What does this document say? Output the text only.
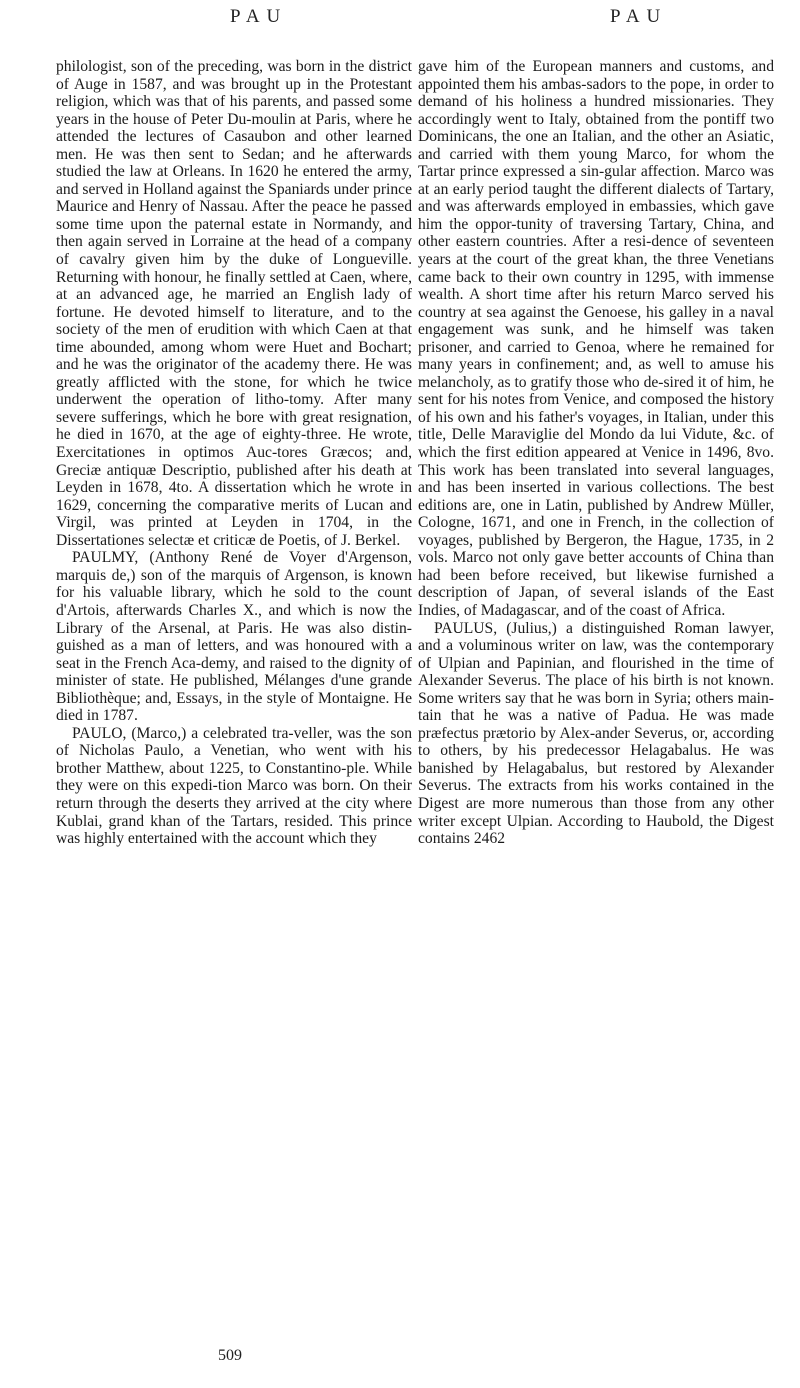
PAU	PAU

philologist, son of the preceding, was born in the district of Auge in 1587, and was brought up in the Protestant religion, which was that of his parents, and passed some years in the house of Peter Du-moulin at Paris, where he attended the lectures of Casaubon and other learned men. He was then sent to Sedan; and he afterwards studied the law at Orleans. In 1620 he entered the army, and served in Holland against the Spaniards under prince Maurice and Henry of Nassau. After the peace he passed some time upon the paternal estate in Normandy, and then again served in Lorraine at the head of a company of cavalry given him by the duke of Longueville. Returning with honour, he finally settled at Caen, where, at an advanced age, he married an English lady of fortune. He devoted himself to literature, and to the society of the men of erudition with which Caen at that time abounded, among whom were Huet and Bochart; and he was the originator of the academy there. He was greatly afflicted with the stone, for which he twice underwent the operation of litho-tomy. After many severe sufferings, which he bore with great resignation, he died in 1670, at the age of eighty-three. He wrote, Exercitationes in optimos Auc-tores Græcos; and, Greciæ antiquæ Descriptio, published after his death at Leyden in 1678, 4to. A dissertation which he wrote in 1629, concerning the comparative merits of Lucan and Virgil, was printed at Leyden in 1704, in the Dissertationes selectæ et criticæ de Poetis, of J. Berkel.

PAULMY, (Anthony René de Voyer d'Argenson, marquis de,) son of the marquis of Argenson, is known for his valuable library, which he sold to the count d'Artois, afterwards Charles X., and which is now the Library of the Arsenal, at Paris. He was also distin-guished as a man of letters, and was honoured with a seat in the French Aca-demy, and raised to the dignity of minister of state. He published, Mélanges d'une grande Bibliothèque; and, Essays, in the style of Montaigne. He died in 1787.

PAULO, (Marco,) a celebrated tra-veller, was the son of Nicholas Paulo, a Venetian, who went with his brother Matthew, about 1225, to Constantino-ple. While they were on this expedi-tion Marco was born. On their return through the deserts they arrived at the city where Kublai, grand khan of the Tartars, resided. This prince was highly entertained with the account which they

gave him of the European manners and customs, and appointed them his ambas-sadors to the pope, in order to demand of his holiness a hundred missionaries. They accordingly went to Italy, obtained from the pontiff two Dominicans, the one an Italian, and the other an Asiatic, and carried with them young Marco, for whom the Tartar prince expressed a sin-gular affection. Marco was at an early period taught the different dialects of Tartary, and was afterwards employed in embassies, which gave him the oppor-tunity of traversing Tartary, China, and other eastern countries. After a resi-dence of seventeen years at the court of the great khan, the three Venetians came back to their own country in 1295, with immense wealth. A short time after his return Marco served his country at sea against the Genoese, his galley in a naval engagement was sunk, and he himself was taken prisoner, and carried to Genoa, where he remained for many years in confinement; and, as well to amuse his melancholy, as to gratify those who de-sired it of him, he sent for his notes from Venice, and composed the history of his own and his father's voyages, in Italian, under this title, Delle Maraviglie del Mondo da lui Vidute, &c. of which the first edition appeared at Venice in 1496, 8vo. This work has been translated into several languages, and has been inserted in various collections. The best editions are, one in Latin, published by Andrew Müller, Cologne, 1671, and one in French, in the collection of voyages, published by Bergeron, the Hague, 1735, in 2 vols. Marco not only gave better accounts of China than had been before received, but likewise furnished a description of Japan, of several islands of the East Indies, of Madagascar, and of the coast of Africa.

PAULUS, (Julius,) a distinguished Roman lawyer, and a voluminous writer on law, was the contemporary of Ulpian and Papinian, and flourished in the time of Alexander Severus. The place of his birth is not known. Some writers say that he was born in Syria; others main-tain that he was a native of Padua. He was made præfectus prætorio by Alex-ander Severus, or, according to others, by his predecessor Helagabalus. He was banished by Helagabalus, but restored by Alexander Severus. The extracts from his works contained in the Digest are more numerous than those from any other writer except Ulpian. According to Haubold, the Digest contains 2462

509
